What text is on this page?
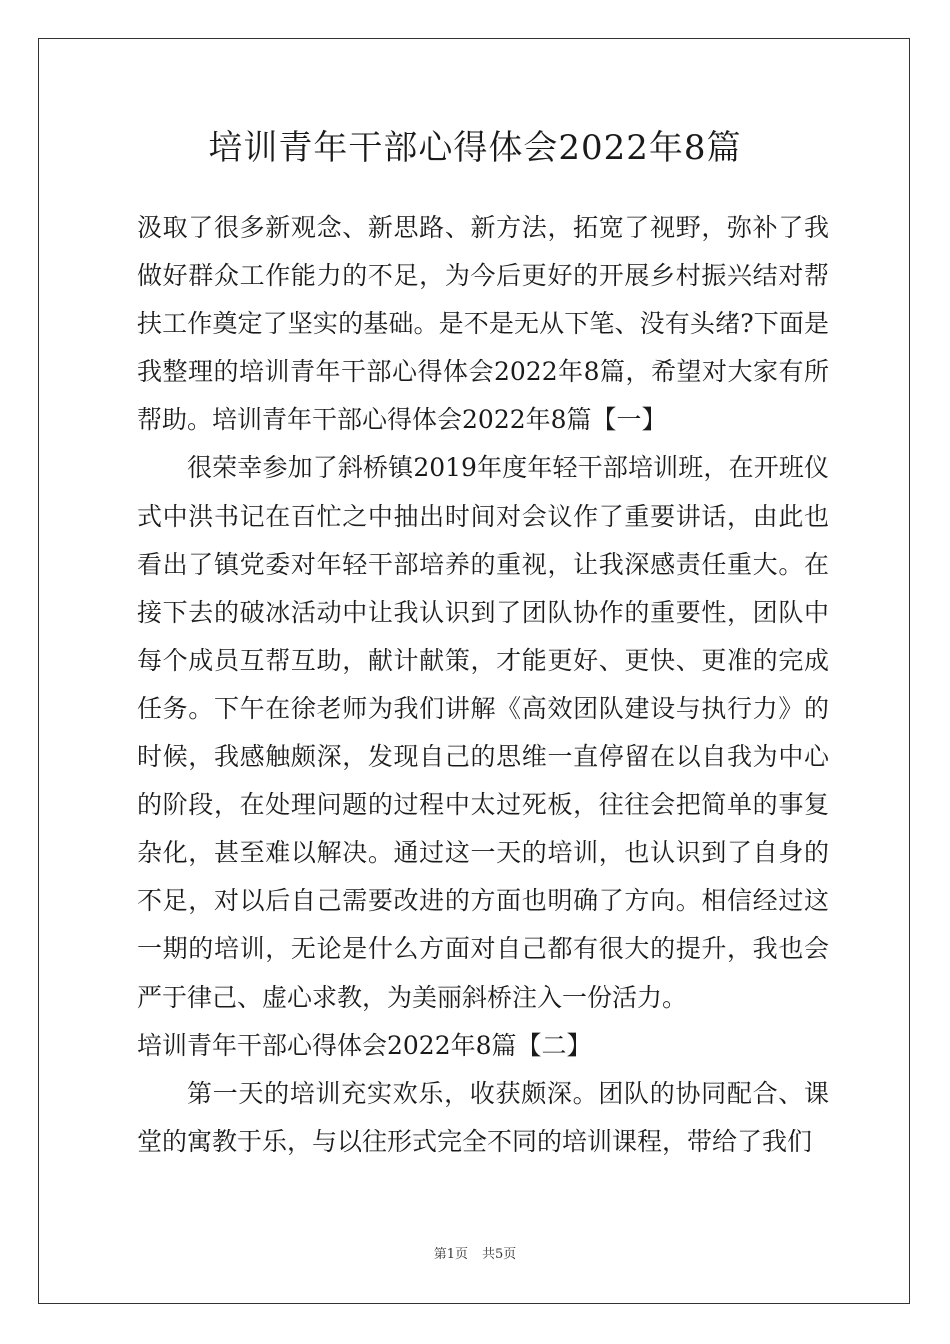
培训青年干部心得体会2022年8篇

汲取了很多新观念、新思路、新方法，拓宽了视野，弥补了我做好群众工作能力的不足，为今后更好的开展乡村振兴结对帮扶工作奠定了坚实的基础。是不是无从下笔、没有头绪?下面是我整理的培训青年干部心得体会2022年8篇，希望对大家有所帮助。培训青年干部心得体会2022年8篇【一】

很荣幸参加了斜桥镇2019年度年轻干部培训班，在开班仪式中洪书记在百忙之中抽出时间对会议作了重要讲话，由此也看出了镇党委对年轻干部培养的重视，让我深感责任重大。在接下去的破冰活动中让我认识到了团队协作的重要性，团队中每个成员互帮互助，献计献策，才能更好、更快、更准的完成任务。下午在徐老师为我们讲解《高效团队建设与执行力》的时候，我感触颇深，发现自己的思维一直停留在以自我为中心的阶段，在处理问题的过程中太过死板，往往会把简单的事复杂化，甚至难以解决。通过这一天的培训，也认识到了自身的不足，对以后自己需要改进的方面也明确了方向。相信经过这一期的培训，无论是什么方面对自己都有很大的提升，我也会严于律己、虚心求教，为美丽斜桥注入一份活力。

培训青年干部心得体会2022年8篇【二】

第一天的培训充实欢乐，收获颇深。团队的协同配合、课堂的寓教于乐，与以往形式完全不同的培训课程，带给了我们

第1页 共5页
